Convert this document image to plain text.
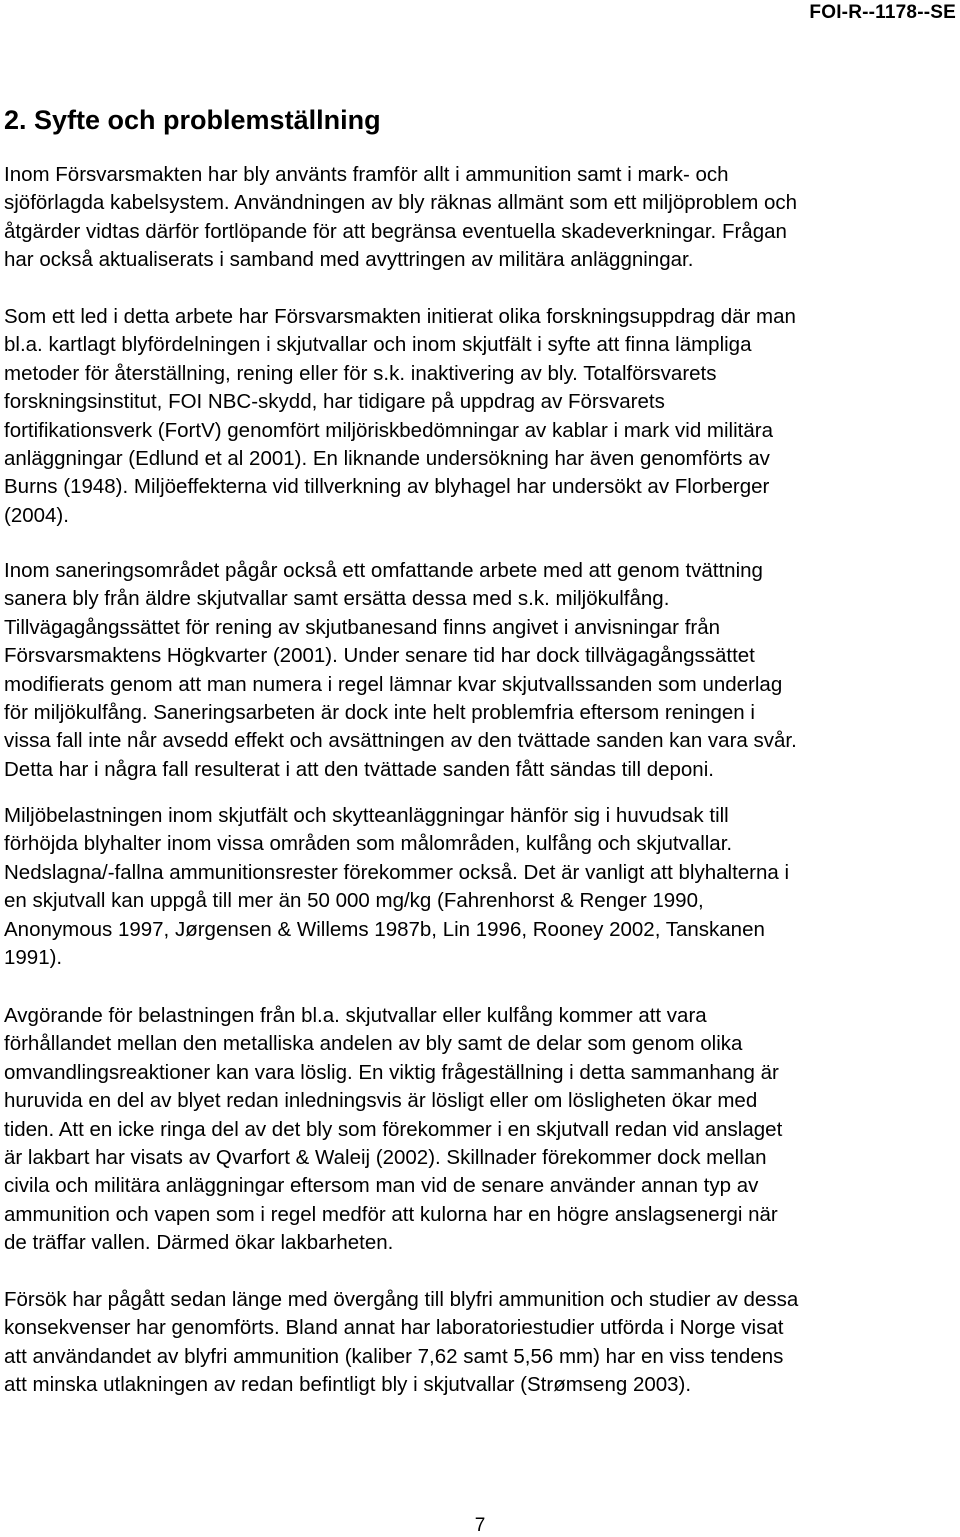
FOI-R--1178--SE
2. Syfte och problemställning
Inom Försvarsmakten har bly använts framför allt i ammunition samt i mark- och
sjöförlagda kabelsystem. Användningen av bly räknas allmänt som ett miljöproblem och
åtgärder vidtas därför fortlöpande för att begränsa eventuella skadeverkningar. Frågan
har också aktualiserats i samband med avyttringen av militära anläggningar.
Som ett led i detta arbete har Försvarsmakten initierat olika forskningsuppdrag där man
bl.a. kartlagt blyfördelningen i skjutvallar och inom skjutfält i syfte att finna lämpliga
metoder för återställning, rening eller för s.k. inaktivering av bly. Totalförsvarets
forskningsinstitut, FOI NBC-skydd, har tidigare på uppdrag av Försvarets
fortifikationsverk (FortV) genomfört miljöriskbedömningar av kablar i mark vid militära
anläggningar (Edlund et al 2001). En liknande undersökning har även genomförts av
Burns (1948). Miljöeffekterna vid tillverkning av blyhagel har undersökt av Florberger
(2004).
Inom saneringsområdet pågår också ett omfattande arbete med att genom tvättning
sanera bly från äldre skjutvallar samt ersätta dessa med s.k. miljökulfång.
Tillvägagångssättet för rening av skjutbanesand finns angivet i anvisningar från
Försvarsmaktens Högkvarter (2001). Under senare tid har dock tillvägagångssättet
modifierats genom att man numera i regel lämnar kvar skjutvallssanden som underlag
för miljökulfång. Saneringsarbeten är dock inte helt problemfria eftersom reningen i
vissa fall inte når avsedd effekt och avsättningen av den tvättade sanden kan vara svår.
Detta har i några fall resulterat i att den tvättade sanden fått sändas till deponi.
Miljöbelastningen inom skjutfält och skytteanläggningar hänför sig i huvudsak till
förhöjda blyhalter inom vissa områden som målområden, kulfång och skjutvallar.
Nedslagna/-fallna ammunitionsrester förekommer också. Det är vanligt att blyhalterna i
en skjutvall kan uppgå till mer än 50 000 mg/kg (Fahrenhorst & Renger 1990,
Anonymous 1997, Jørgensen & Willems 1987b, Lin 1996, Rooney 2002, Tanskanen
1991).
Avgörande för belastningen från bl.a. skjutvallar eller kulfång kommer att vara
förhållandet mellan den metalliska andelen av bly samt de delar som genom olika
omvandlingsreaktioner kan vara löslig. En viktig frågeställning i detta sammanhang är
huruvida en del av blyet redan inledningsvis är lösligt eller om lösligheten ökar med
tiden. Att en icke ringa del av det bly som förekommer i en skjutvall redan vid anslaget
är lakbart har visats av Qvarfort & Waleij (2002). Skillnader förekommer dock mellan
civila och militära anläggningar eftersom man vid de senare använder annan typ av
ammunition och vapen som i regel medför att kulorna har en högre anslagsenergi när
de träffar vallen. Därmed ökar lakbarheten.
Försök har pågått sedan länge med övergång till blyfri ammunition och studier av dessa
konsekvenser har genomförts. Bland annat har laboratoriestudier utförda i Norge visat
att användandet av blyfri ammunition (kaliber 7,62 samt 5,56 mm) har en viss tendens
att minska utlakningen av redan befintligt bly i skjutvallar (Strømseng 2003).
7
